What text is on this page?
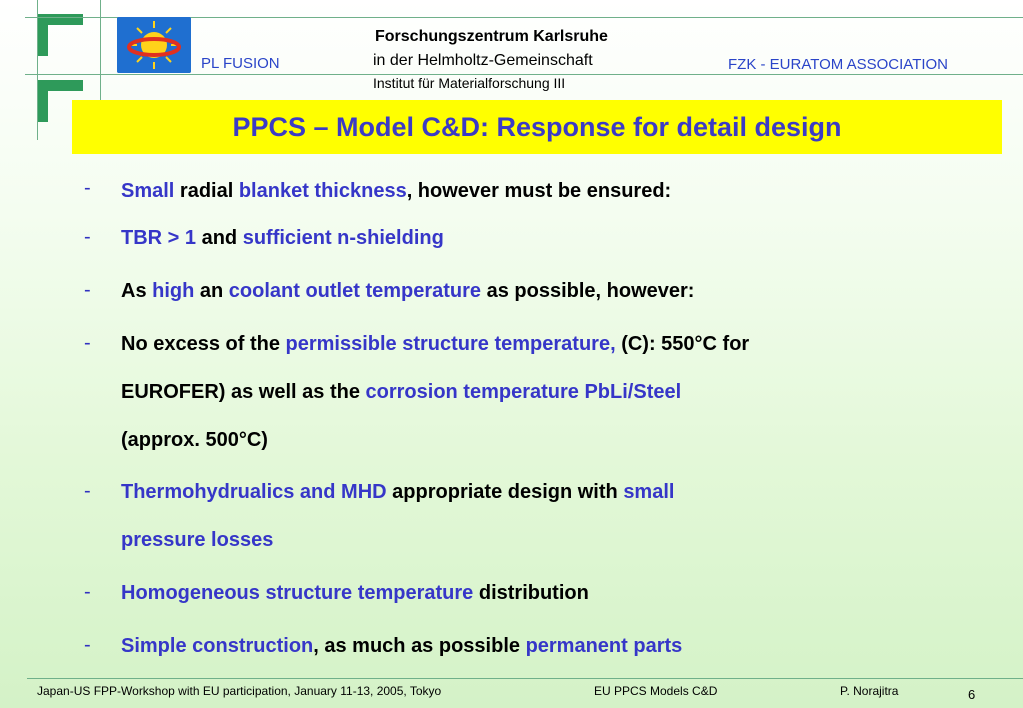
PL FUSION
Forschungszentrum Karlsruhe
in der Helmholtz-Gemeinschaft
Institut für Materialforschung III
FZK - EURATOM ASSOCIATION
PPCS – Model C&D: Response for detail design
- Small radial blanket thickness, however must be ensured:
- TBR > 1 and sufficient n-shielding
- As high an coolant outlet temperature as possible, however:
- No excess of the permissible structure temperature, (C): 550°C for
EUROFER) as well as the corrosion temperature PbLi/Steel
(approx. 500°C)
- Thermohydrualics and MHD appropriate design with small
pressure losses
- Homogeneous structure temperature distribution
- Simple construction, as much as possible permanent parts
Japan-US FPP-Workshop with EU participation, January 11-13, 2005, Tokyo	EU PPCS Models C&D	P. Norajitra	6
